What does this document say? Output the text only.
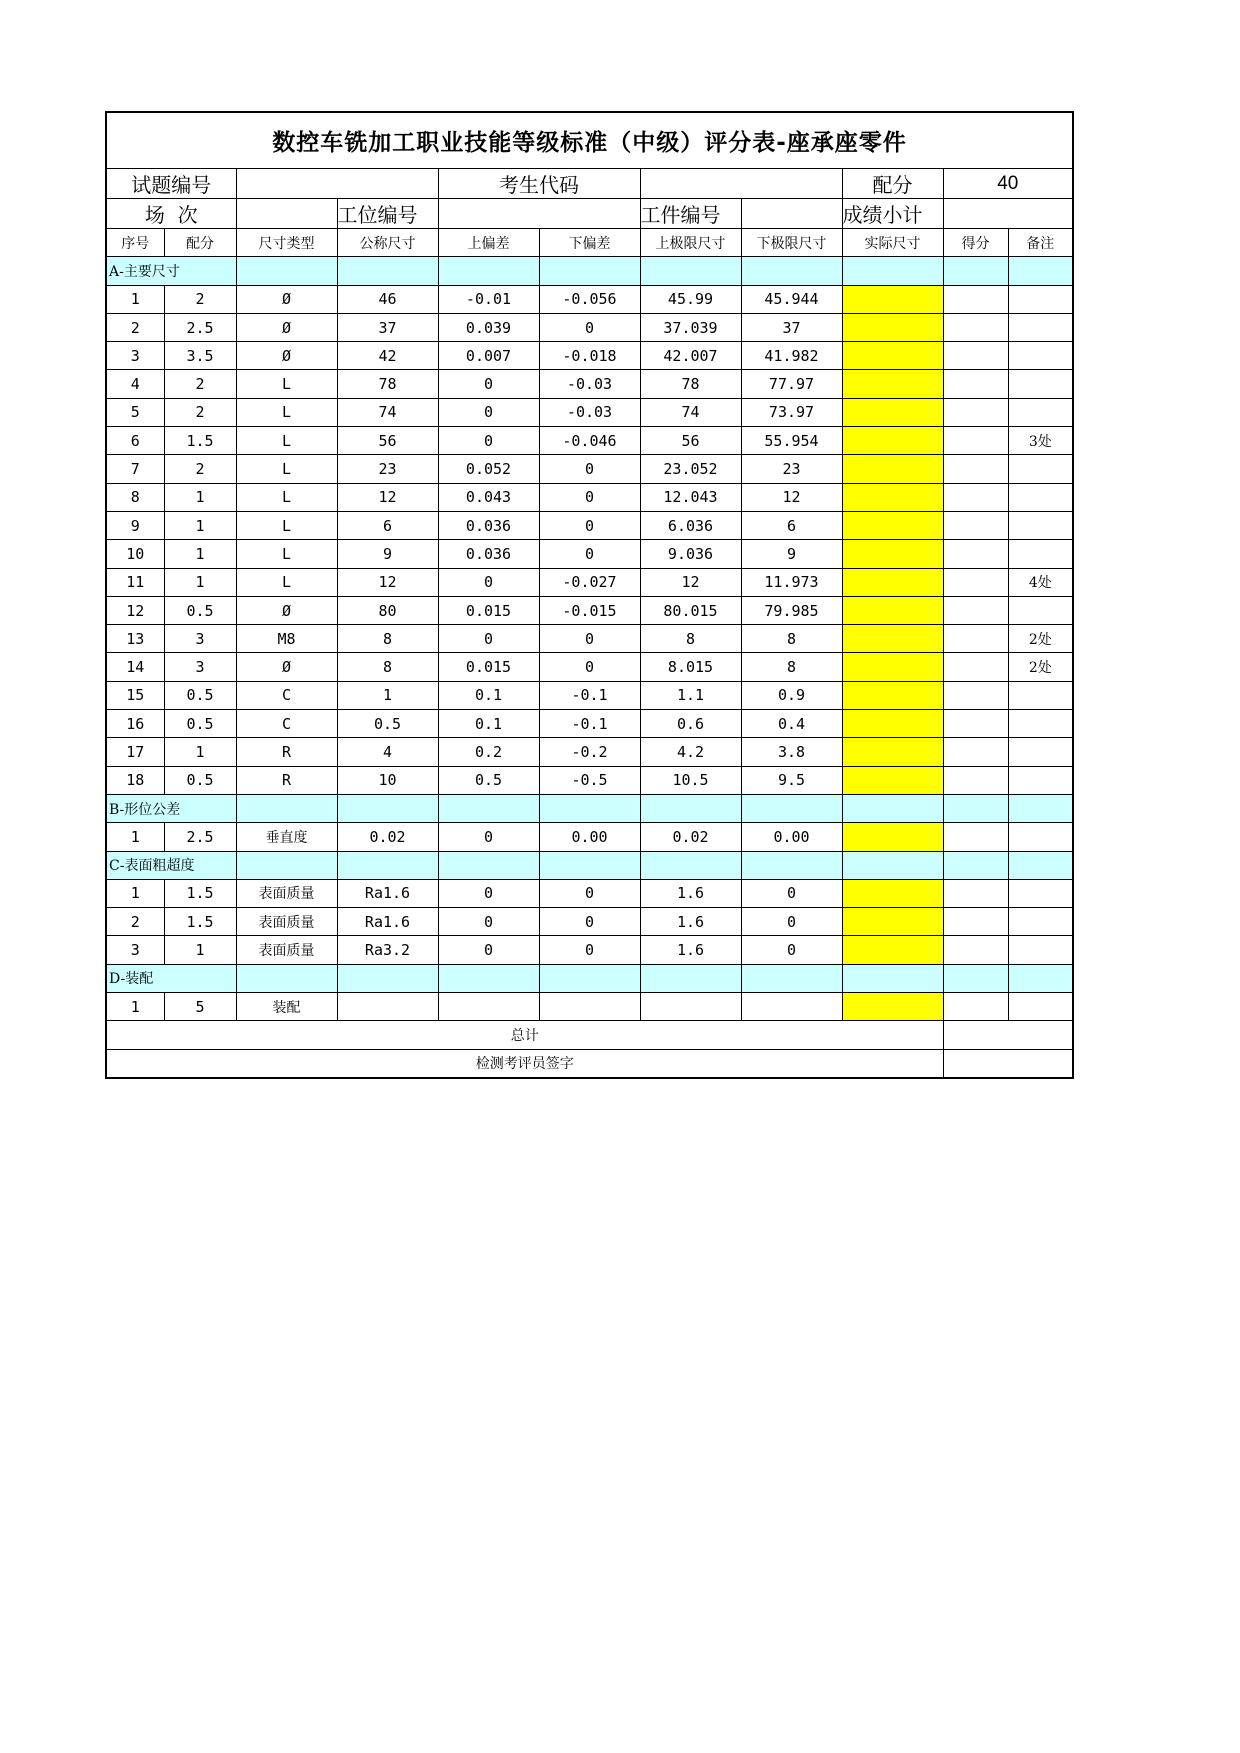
数控车铣加工职业技能等级标准（中级）评分表-座承座零件										
试题编号				考生代码				配分	40	
场  次			工位编号			工件编号		成绩小计		
序号	配分	尺寸类型	公称尺寸	上偏差	下偏差	上极限尺寸	下极限尺寸	实际尺寸	得分	备注
A-主要尺寸										
1	2	Ø	46	-0.01	-0.056	45.99	45.944			
2	2.5	Ø	37	0.039	0	37.039	37			
3	3.5	Ø	42	0.007	-0.018	42.007	41.982			
4	2	L	78	0	-0.03	78	77.97			
5	2	L	74	0	-0.03	74	73.97			
6	1.5	L	56	0	-0.046	56	55.954			3处
7	2	L	23	0.052	0	23.052	23			
8	1	L	12	0.043	0	12.043	12			
9	1	L	6	0.036	0	6.036	6			
10	1	L	9	0.036	0	9.036	9			
11	1	L	12	0	-0.027	12	11.973			4处
12	0.5	Ø	80	0.015	-0.015	80.015	79.985			
13	3	M8	8	0	0	8	8			2处
14	3	Ø	8	0.015	0	8.015	8			2处
15	0.5	C	1	0.1	-0.1	1.1	0.9			
16	0.5	C	0.5	0.1	-0.1	0.6	0.4			
17	1	R	4	0.2	-0.2	4.2	3.8			
18	0.5	R	10	0.5	-0.5	10.5	9.5			
B-形位公差										
1	2.5	垂直度	0.02	0	0.00	0.02	0.00			
C-表面粗超度										
1	1.5	表面质量	Ra1.6	0	0	1.6	0			
2	1.5	表面质量	Ra1.6	0	0	1.6	0			
3	1	表面质量	Ra3.2	0	0	1.6	0			
D-装配										
1	5	装配								
总计										
检测考评员签字										
